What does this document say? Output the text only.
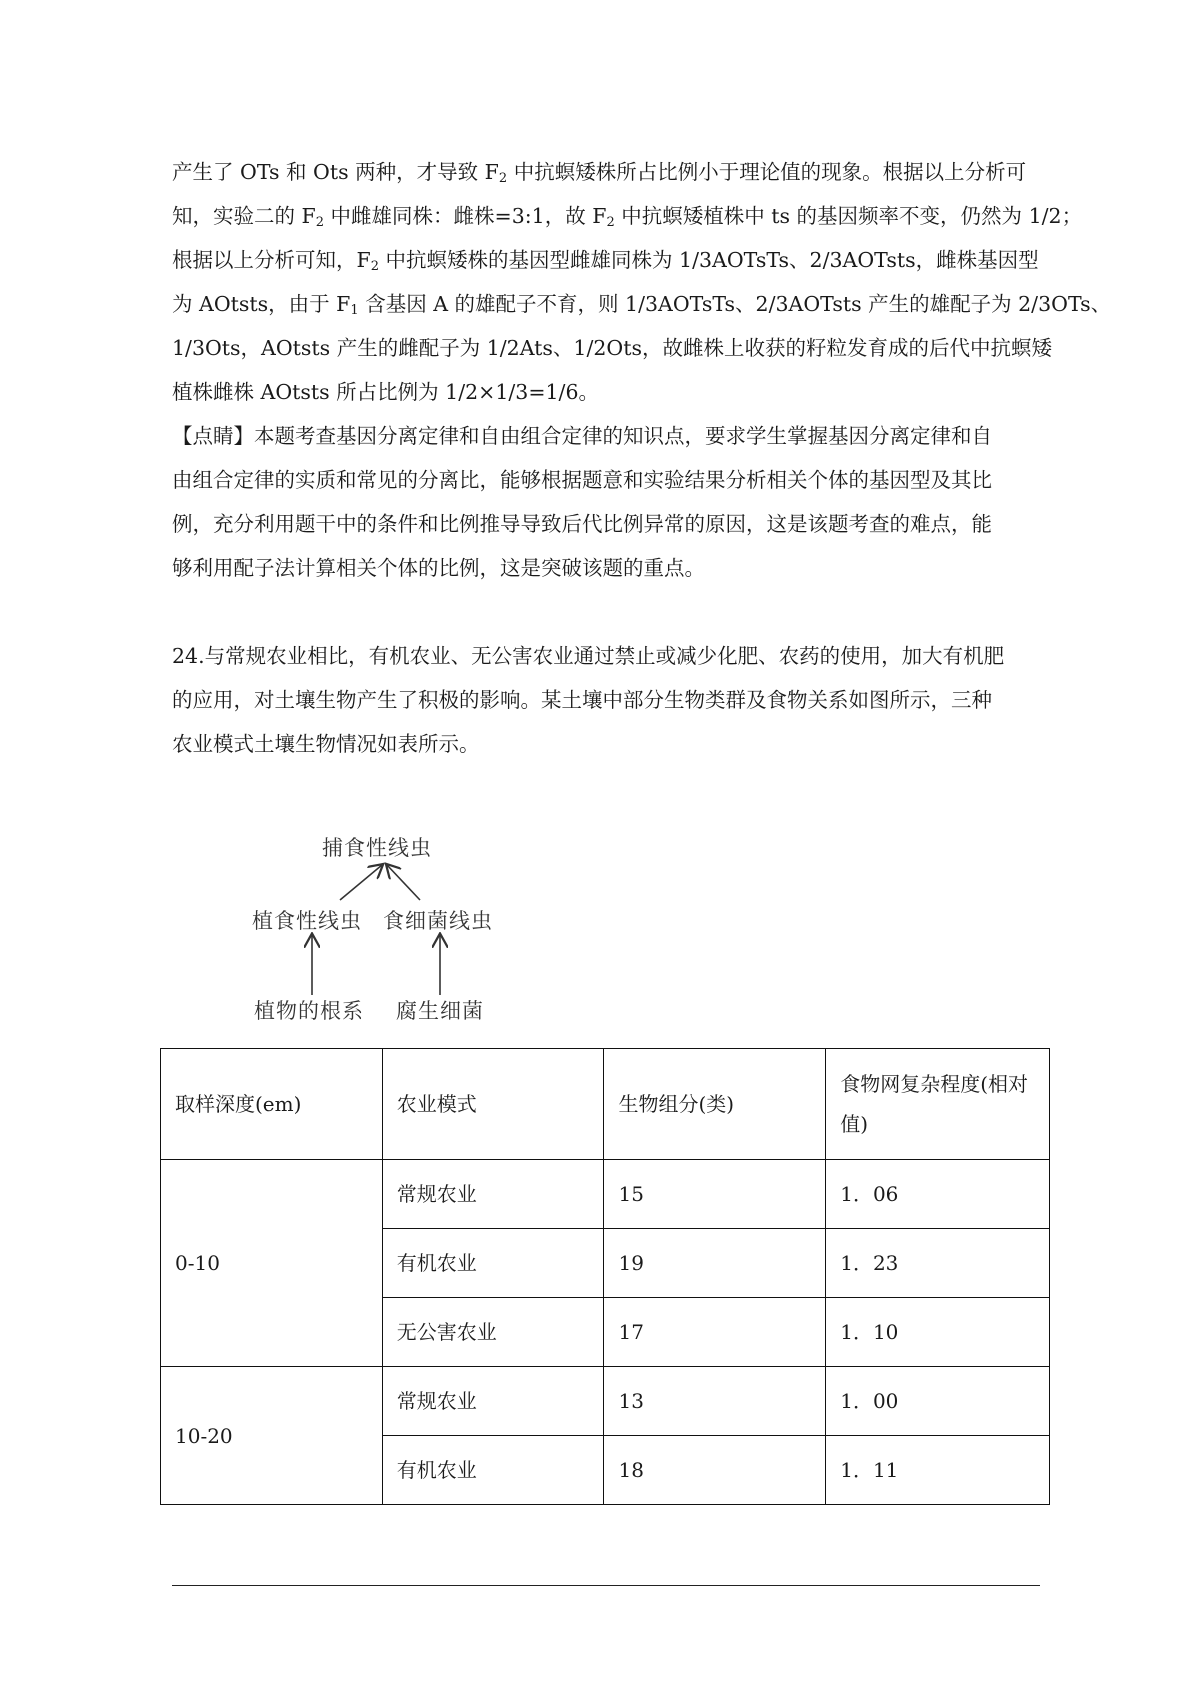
产生了 OTs 和 Ots 两种，才导致 $F_2$ 中抗螟矮株所占比例小于理论值的现象。根据以上分析可

知，实验二的 $F_2$ 中雌雄同株：雌株=3:1，故 $F_2$ 中抗螟矮植株中 ts 的基因频率不变，仍然为 1/2；

根据以上分析可知，$F_2$ 中抗螟矮株的基因型雌雄同株为 1/3AOTsTs、2/3AOTsts，雌株基因型

为 AOtsts，由于 $F_1$ 含基因 A 的雄配子不育，则 1/3AOTsTs、2/3AOTsts 产生的雄配子为 2/3OTs、

1/3Ots，AOtsts 产生的雌配子为 1/2Ats、1/2Ots，故雌株上收获的籽粒发育成的后代中抗螟矮

植株雌株 AOtsts 所占比例为 1/2×1/3=1/6。

【点睛】本题考查基因分离定律和自由组合定律的知识点，要求学生掌握基因分离定律和自

由组合定律的实质和常见的分离比，能够根据题意和实验结果分析相关个体的基因型及其比

例，充分利用题干中的条件和比例推导导致后代比例异常的原因，这是该题考查的难点，能

够利用配子法计算相关个体的比例，这是突破该题的重点。

24.与常规农业相比，有机农业、无公害农业通过禁止或减少化肥、农药的使用，加大有机肥

的应用，对土壤生物产生了积极的影响。某土壤中部分生物类群及食物关系如图所示，三种

农业模式土壤生物情况如表所示。

捕食性线虫
植食性线虫 食细菌线虫
植物的根系 腐生细菌
取样深度(em)	农业模式	生物组分(类)	食物网复杂程度(相对值)
0-10	常规农业	15	1．06
	有机农业	19	1．23
	无公害农业	17	1．10
10-20	常规农业	13	1．00
	有机农业	18	1．11
